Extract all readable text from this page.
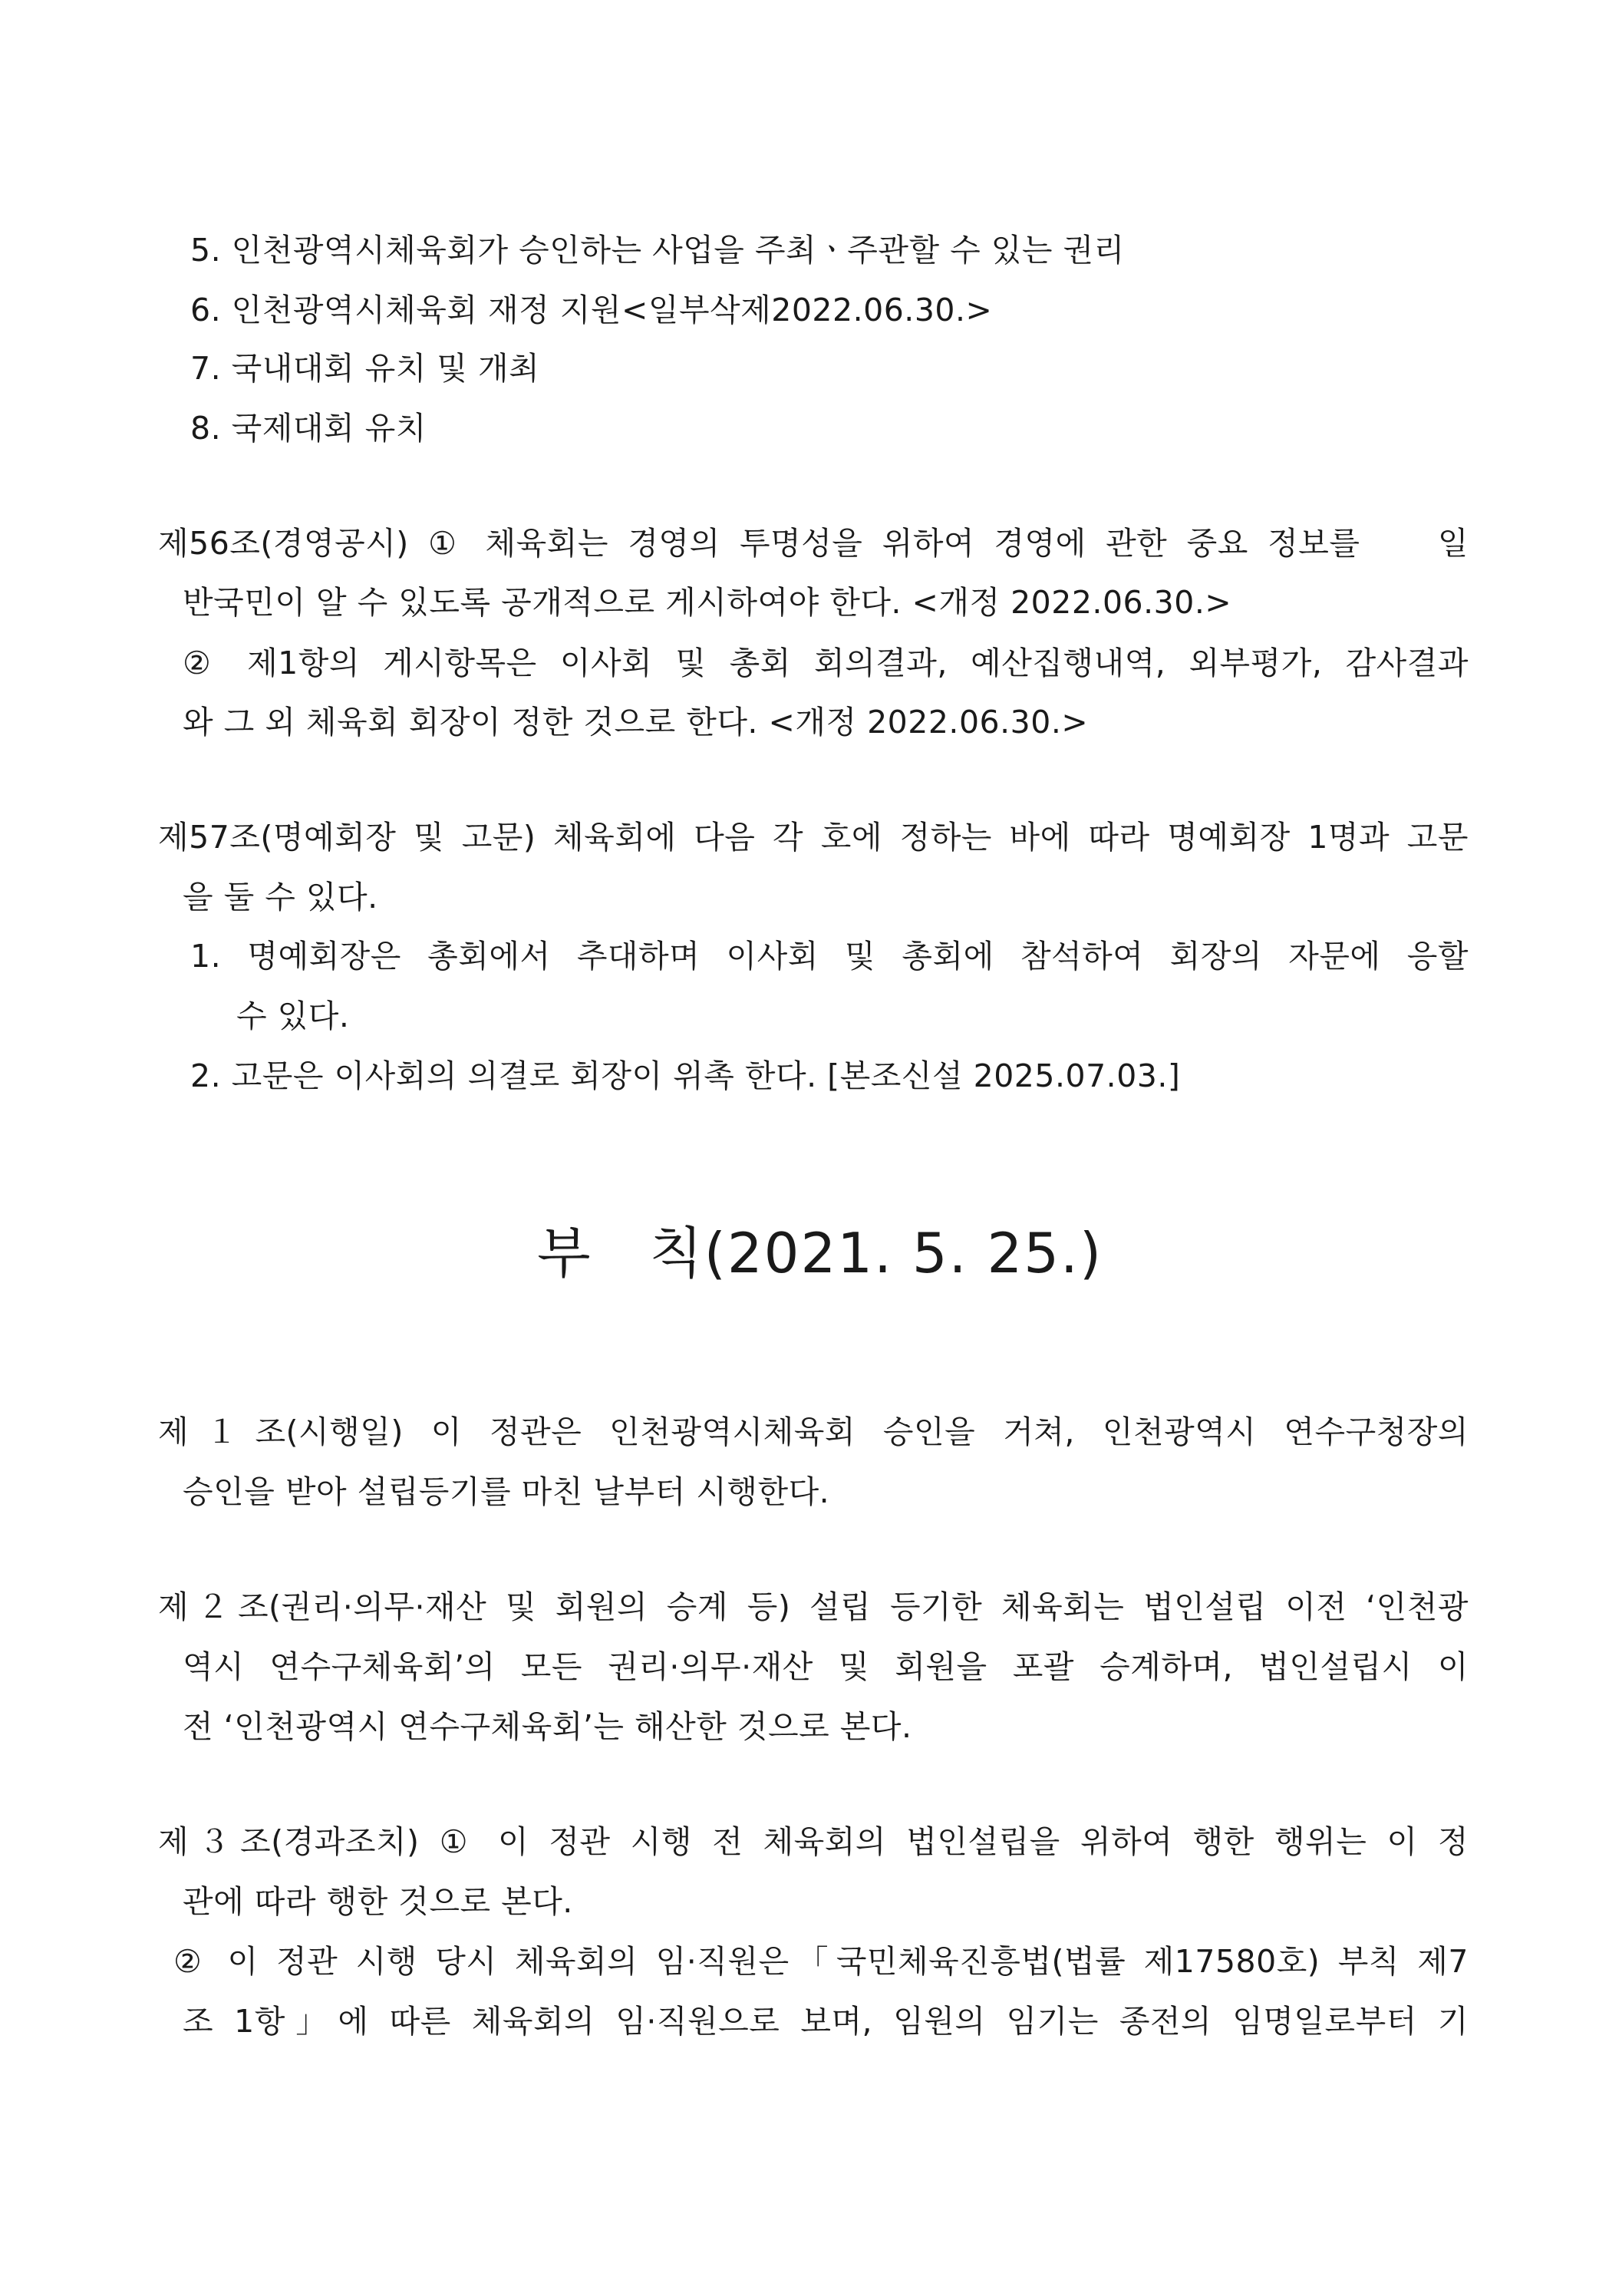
5. 인천광역시체육회가 승인하는 사업을 주최ㆍ주관할 수 있는 권리
6. 인천광역시체육회 재정 지원<일부삭제2022.06.30.>
7. 국내대회 유치 및 개최
8. 국제대회 유치
제56조(경영공시) ① 체육회는 경영의 투명성을 위하여 경영에 관한 중요 정보를    일
반국민이 알 수 있도록 공개적으로 게시하여야 한다. <개정 2022.06.30.>
② 제1항의 게시항목은 이사회 및 총회 회의결과, 예산집행내역, 외부평가, 감사결과
와 그 외 체육회 회장이 정한 것으로 한다. <개정 2022.06.30.>
제57조(명예회장 및 고문) 체육회에 다음 각 호에 정하는 바에 따라 명예회장 1명과 고문
을 둘 수 있다.
1. 명예회장은 총회에서 추대하며 이사회 및 총회에 참석하여 회장의 자문에 응할
수 있다.
2. 고문은 이사회의 의결로 회장이 위촉 한다. [본조신설 2025.07.03.]
부   칙(2021. 5. 25.)
제１조(시행일) 이 정관은 인천광역시체육회 승인을 거쳐, 인천광역시 연수구청장의
승인을 받아 설립등기를 마친 날부터 시행한다.
제２조(권리·의무·재산 및 회원의 승계 등) 설립 등기한 체육회는 법인설립 이전 ‘인천광
역시 연수구체육회’의 모든 권리·의무·재산 및 회원을 포괄 승계하며, 법인설립시 이
전 ‘인천광역시 연수구체육회’는 해산한 것으로 본다.
제３조(경과조치) ① 이 정관 시행 전 체육회의 법인설립을 위하여 행한 행위는 이 정
관에 따라 행한 것으로 본다.
② 이 정관 시행 당시 체육회의 임·직원은「국민체육진흥법(법률 제17580호) 부칙 제7
조 1항」에 따른 체육회의 임·직원으로 보며, 임원의 임기는 종전의 임명일로부터 기
